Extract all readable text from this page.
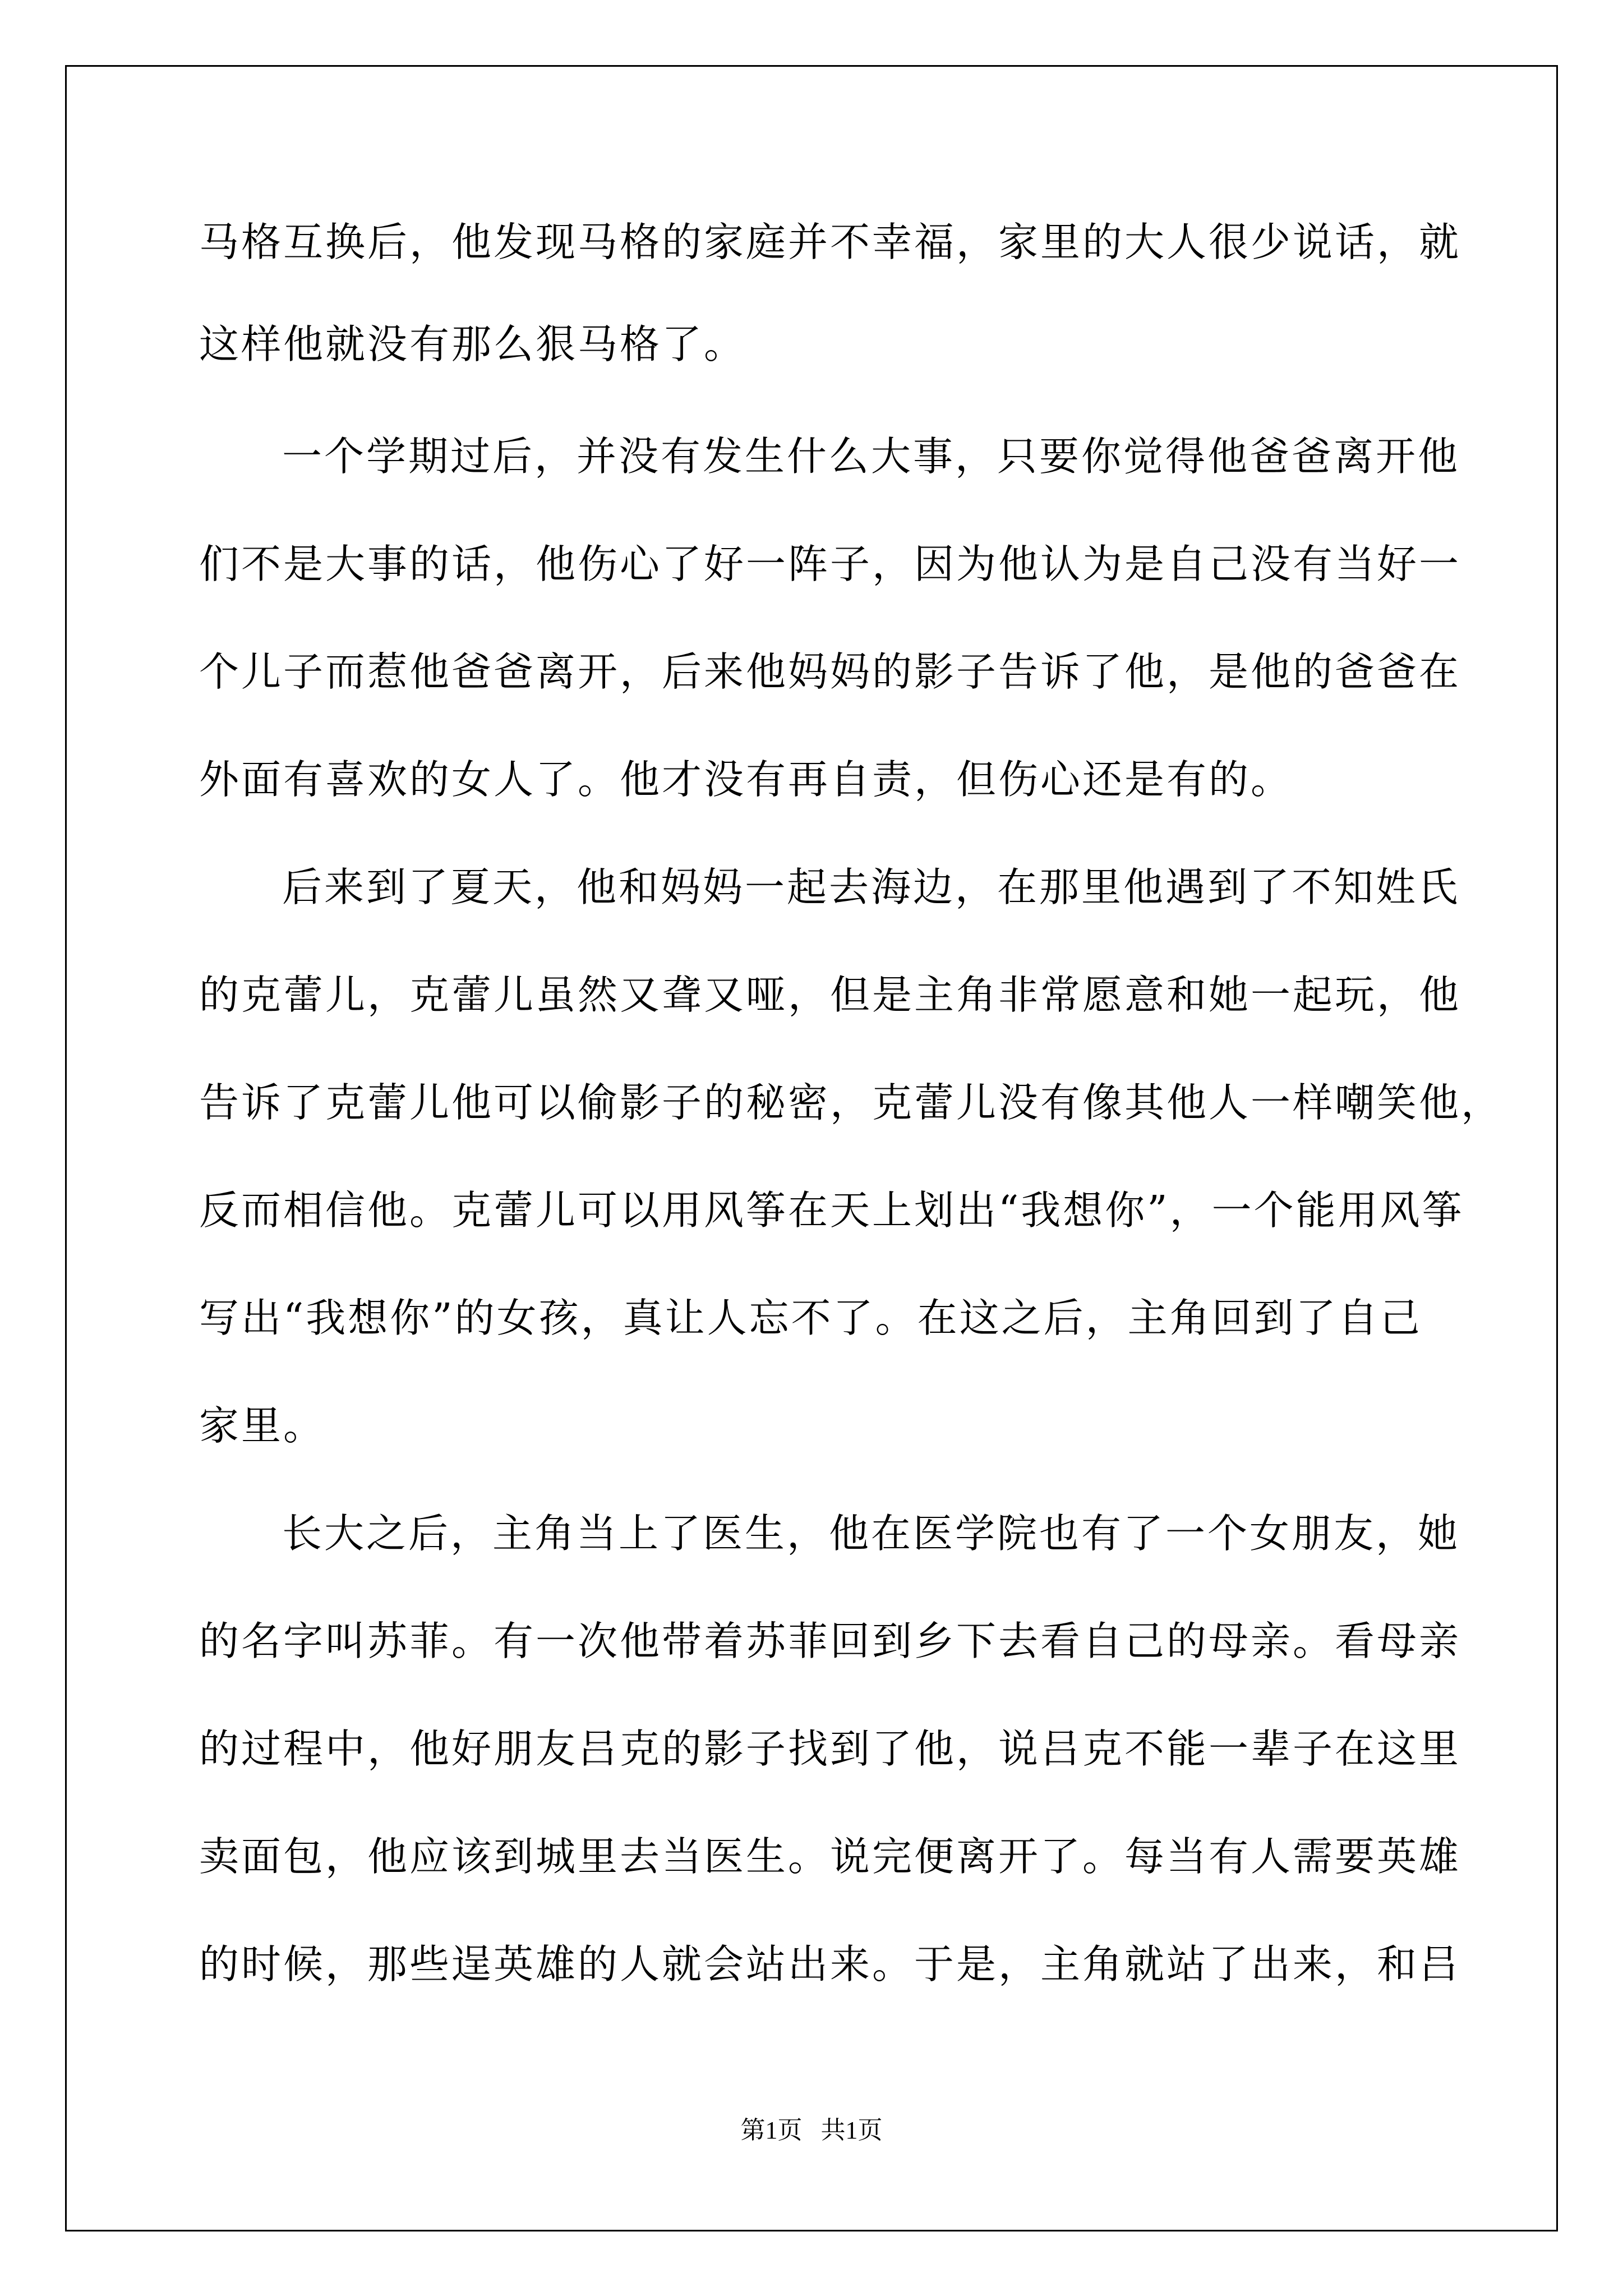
马格互换后，他发现马格的家庭并不幸福，家里的大人很少说话，就
这样他就没有那么狠马格了。
一个学期过后，并没有发生什么大事，只要你觉得他爸爸离开他
们不是大事的话，他伤心了好一阵子，因为他认为是自己没有当好一
个儿子而惹他爸爸离开，后来他妈妈的影子告诉了他，是他的爸爸在
外面有喜欢的女人了。他才没有再自责，但伤心还是有的。
后来到了夏天，他和妈妈一起去海边，在那里他遇到了不知姓氏
的克蕾儿，克蕾儿虽然又聋又哑，但是主角非常愿意和她一起玩，他
告诉了克蕾儿他可以偷影子的秘密，克蕾儿没有像其他人一样嘲笑他，
反而相信他。克蕾儿可以用风筝在天上划出“我想你”，一个能用风筝
写出“我想你”的女孩，真让人忘不了。在这之后，主角回到了自己
家里。
长大之后，主角当上了医生，他在医学院也有了一个女朋友，她
的名字叫苏菲。有一次他带着苏菲回到乡下去看自己的母亲。看母亲
的过程中，他好朋友吕克的影子找到了他，说吕克不能一辈子在这里
卖面包，他应该到城里去当医生。说完便离开了。每当有人需要英雄
的时候，那些逞英雄的人就会站出来。于是，主角就站了出来，和吕
第1页   共1页
